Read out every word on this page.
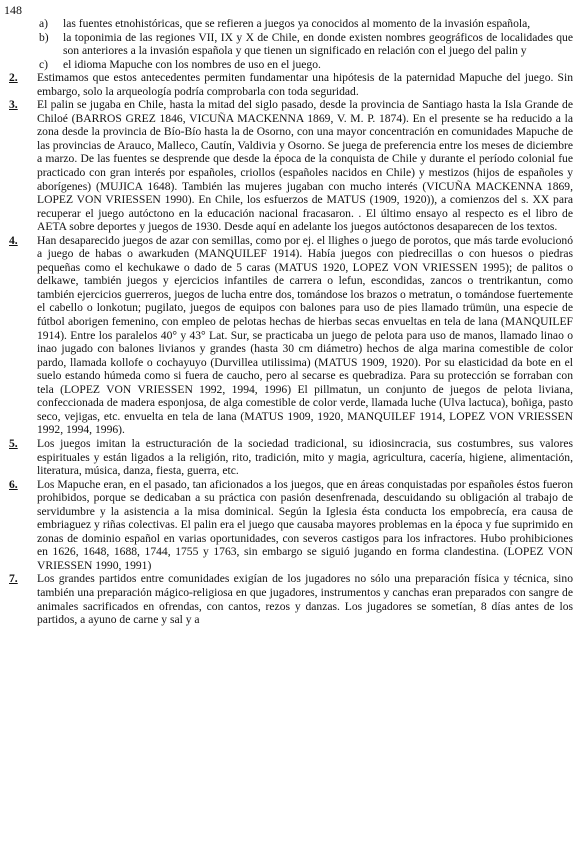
148

a)	las fuentes etnohistóricas, que se refieren a juegos ya conocidos al momento de la invasión española,

b)	la toponimia de las regiones VII, IX y X de Chile, en donde existen nombres geográficos de localidades que son anteriores a la invasión española y que tienen un significado en relación con el juego del palin y

c)	el idioma Mapuche con los nombres de uso en el juego.

2.	Estimamos que estos antecedentes permiten fundamentar una hipótesis de la paternidad Mapuche del juego. Sin embargo, solo la arqueología podría comprobarla con toda seguridad.

3.	El palin se jugaba en Chile, hasta la mitad del siglo pasado, desde la provincia de Santiago hasta la Isla Grande de Chiloé (BARROS GREZ 1846, VICUÑA MACKENNA 1869, V. M. P. 1874). En el presente se ha reducido a la zona desde la provincia de Bío-Bío hasta la de Osorno, con una mayor concentración en comunidades Mapuche de las provincias de Arauco, Malleco, Cautín, Valdivia y Osorno. Se juega de preferencia entre los meses de diciembre a marzo. De las fuentes se desprende que desde la época de la conquista de Chile y durante el período colonial fue practicado con gran interés por españoles, criollos (españoles nacidos en Chile) y mestizos (hijos de españoles y aborígenes) (MUJICA 1648). También las mujeres jugaban con mucho interés (VICUÑA MACKENNA 1869, LOPEZ VON VRIESSEN 1990). En Chile, los esfuerzos de MATUS (1909, 1920)), a comienzos del s. XX para recuperar el juego autóctono en la educación nacional fracasaron. . El último ensayo al respecto es el libro de AETA sobre deportes y juegos de 1930. Desde aquí en adelante los juegos autóctonos desaparecen de los textos.

4.	Han desaparecido juegos de azar con semillas, como por ej. el llighes o juego de porotos, que más tarde evolucionó a juego de habas o awarkuden (MANQUILEF 1914). Había juegos con piedrecillas o con huesos o piedras pequeñas como el kechukawe o dado de 5 caras (MATUS 1920, LOPEZ VON VRIESSEN 1995); de palitos o delkawe, también juegos y ejercicios infantiles de carrera o lefun, escondidas, zancos o trentrikantun, como también ejercicios guerreros, juegos de lucha entre dos, tomándose los brazos o metratun, o tomándose fuertemente el cabello o lonkotun; pugilato, juegos de equipos con balones para uso de pies llamado trümün, una especie de fútbol aborigen femenino, con empleo de pelotas hechas de hierbas secas envueltas en tela de lana (MANQUILEF 1914). Entre los paralelos 40° y 43° Lat. Sur, se practicaba un juego de pelota para uso de manos, llamado linao o inao jugado con balones livianos y grandes (hasta 30 cm diámetro) hechos de alga marina comestible de color pardo, llamada kollofe o cochayuyo (Durvillea utilissima) (MATUS 1909, 1920). Por su elasticidad da bote en el suelo estando húmeda como si fuera de caucho, pero al secarse es quebradiza. Para su protección se forraban con tela (LOPEZ VON VRIESSEN 1992, 1994, 1996) El pillmatun, un conjunto de juegos de pelota liviana, confeccionada de madera esponjosa, de alga comestible de color verde, llamada luche (Ulva lactuca), boñiga, pasto seco, vejigas, etc. envuelta en tela de lana (MATUS 1909, 1920, MANQUILEF 1914, LOPEZ VON VRIESSEN 1992, 1994, 1996).

5.	Los juegos imitan la estructuración de la sociedad tradicional, su idiosincracia, sus costumbres, sus valores espirituales y están ligados a la religión, rito, tradición, mito y magia, agricultura, cacería, higiene, alimentación, literatura, música, danza, fiesta, guerra, etc.

6.	Los Mapuche eran, en el pasado, tan aficionados a los juegos, que en áreas conquistadas por españoles éstos fueron prohibidos, porque se dedicaban a su práctica con pasión desenfrenada, descuidando su obligación al trabajo de servidumbre y la asistencia a la misa dominical. Según la Iglesia ésta conducta los empobrecía, era causa de embriaguez y riñas colectivas. El palin era el juego que causaba mayores problemas en la época y fue suprimido en zonas de dominio español en varias oportunidades, con severos castigos para los infractores. Hubo prohibiciones en 1626, 1648, 1688, 1744, 1755 y 1763, sin embargo se siguió jugando en forma clandestina. (LOPEZ VON VRIESSEN 1990, 1991)

7.	Los grandes partidos entre comunidades exigían de los jugadores no sólo una preparación física y técnica, sino también una preparación mágico-religiosa en que jugadores, instrumentos y canchas eran preparados con sangre de animales sacrificados en ofrendas, con cantos, rezos y danzas. Los jugadores se sometían, 8 días antes de los partidos, a ayuno de carne y sal y a
